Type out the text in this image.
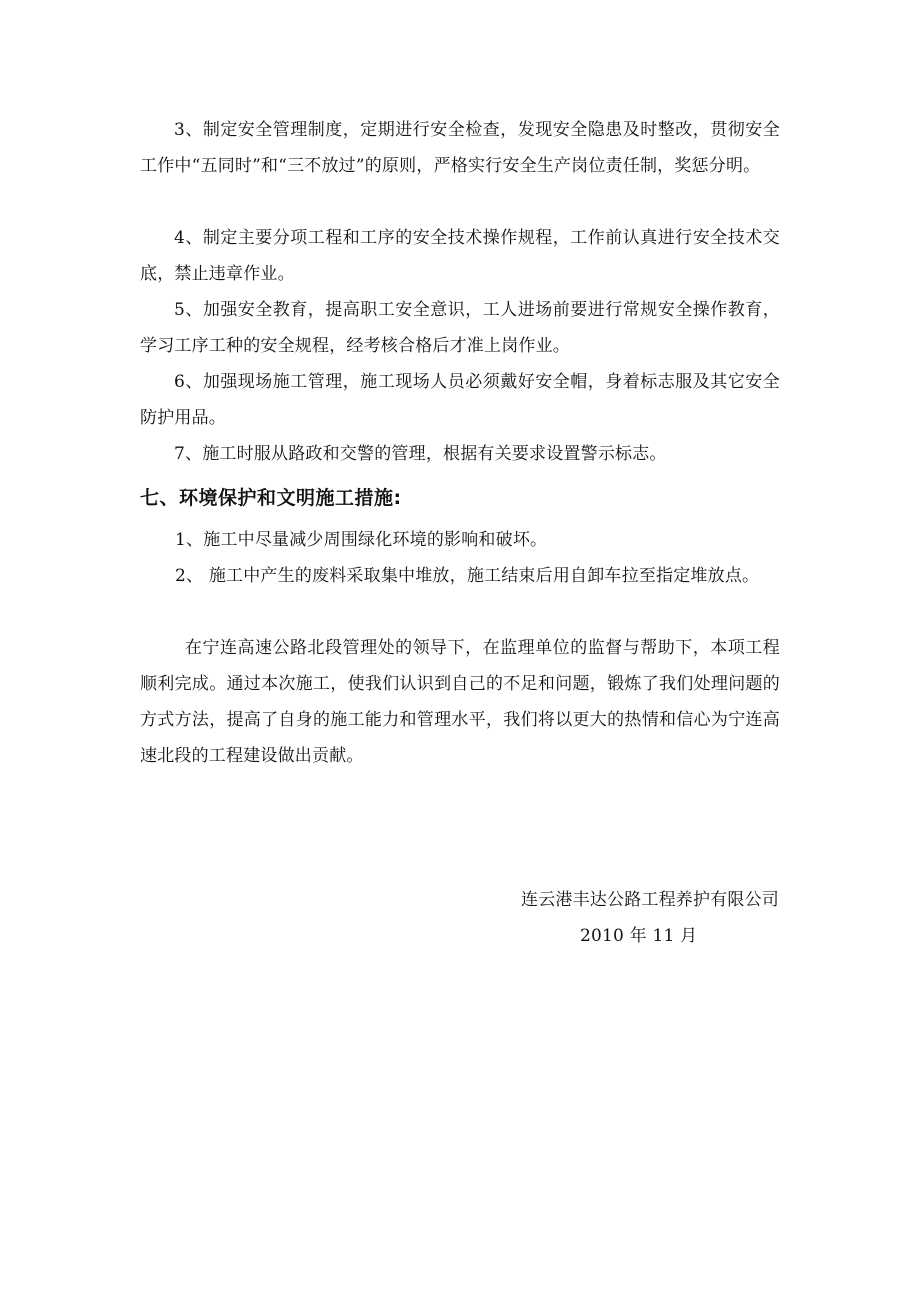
3、制定安全管理制度，定期进行安全检查，发现安全隐患及时整改，贯彻安全工作中“五同时”和“三不放过”的原则，严格实行安全生产岗位责任制，奖惩分明。

4、制定主要分项工程和工序的安全技术操作规程，工作前认真进行安全技术交底，禁止违章作业。

5、加强安全教育，提高职工安全意识，工人进场前要进行常规安全操作教育，学习工序工种的安全规程，经考核合格后才准上岗作业。

6、加强现场施工管理，施工现场人员必须戴好安全帽，身着标志服及其它安全防护用品。

7、施工时服从路政和交警的管理，根据有关要求设置警示标志。

七、环境保护和文明施工措施:

1、施工中尽量减少周围绿化环境的影响和破坏。

2、 施工中产生的废料采取集中堆放，施工结束后用自卸车拉至指定堆放点。

在宁连高速公路北段管理处的领导下，在监理单位的监督与帮助下，本项工程顺利完成。通过本次施工，使我们认识到自己的不足和问题，锻炼了我们处理问题的方式方法，提高了自身的施工能力和管理水平，我们将以更大的热情和信心为宁连高速北段的工程建设做出贡献。

连云港丰达公路工程养护有限公司

2010 年 11 月
